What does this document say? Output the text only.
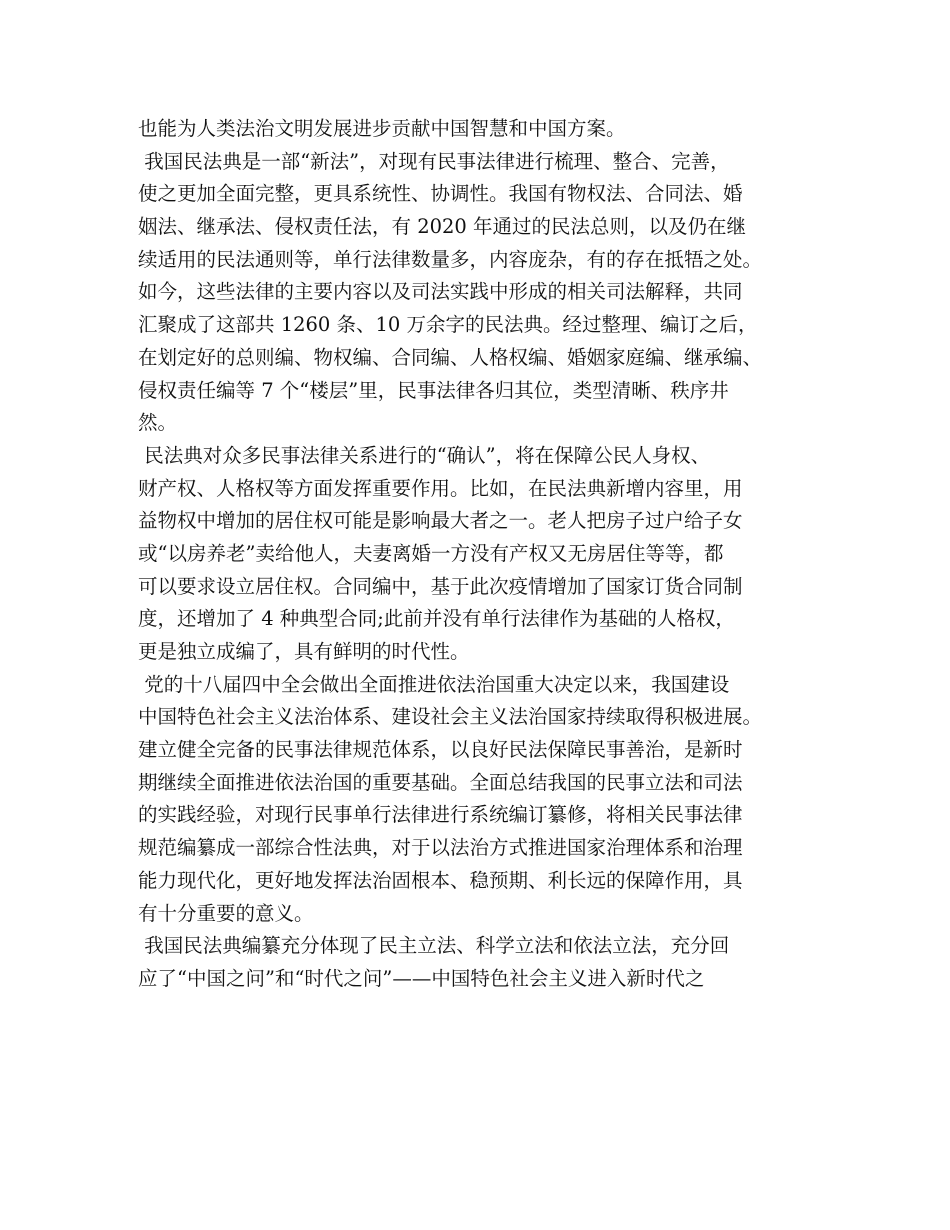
也能为人类法治文明发展进步贡献中国智慧和中国方案。
我国民法典是一部“新法”，对现有民事法律进行梳理、整合、完善，
使之更加全面完整，更具系统性、协调性。我国有物权法、合同法、婚
姻法、继承法、侵权责任法，有 2020 年通过的民法总则，以及仍在继
续适用的民法通则等，单行法律数量多，内容庞杂，有的存在抵牾之处。
如今，这些法律的主要内容以及司法实践中形成的相关司法解释，共同
汇聚成了这部共 1260 条、10 万余字的民法典。经过整理、编订之后，
在划定好的总则编、物权编、合同编、人格权编、婚姻家庭编、继承编、
侵权责任编等 7 个“楼层”里，民事法律各归其位，类型清晰、秩序井
然。
民法典对众多民事法律关系进行的“确认”，将在保障公民人身权、
财产权、人格权等方面发挥重要作用。比如，在民法典新增内容里，用
益物权中增加的居住权可能是影响最大者之一。老人把房子过户给子女
或“以房养老”卖给他人，夫妻离婚一方没有产权又无房居住等等，都
可以要求设立居住权。合同编中，基于此次疫情增加了国家订货合同制
度，还增加了 4 种典型合同;此前并没有单行法律作为基础的人格权，
更是独立成编了，具有鲜明的时代性。
党的十八届四中全会做出全面推进依法治国重大决定以来，我国建设
中国特色社会主义法治体系、建设社会主义法治国家持续取得积极进展。
建立健全完备的民事法律规范体系，以良好民法保障民事善治，是新时
期继续全面推进依法治国的重要基础。全面总结我国的民事立法和司法
的实践经验，对现行民事单行法律进行系统编订纂修，将相关民事法律
规范编纂成一部综合性法典，对于以法治方式推进国家治理体系和治理
能力现代化，更好地发挥法治固根本、稳预期、利长远的保障作用，具
有十分重要的意义。
我国民法典编纂充分体现了民主立法、科学立法和依法立法，充分回
应了“中国之问”和“时代之问”——中国特色社会主义进入新时代之
